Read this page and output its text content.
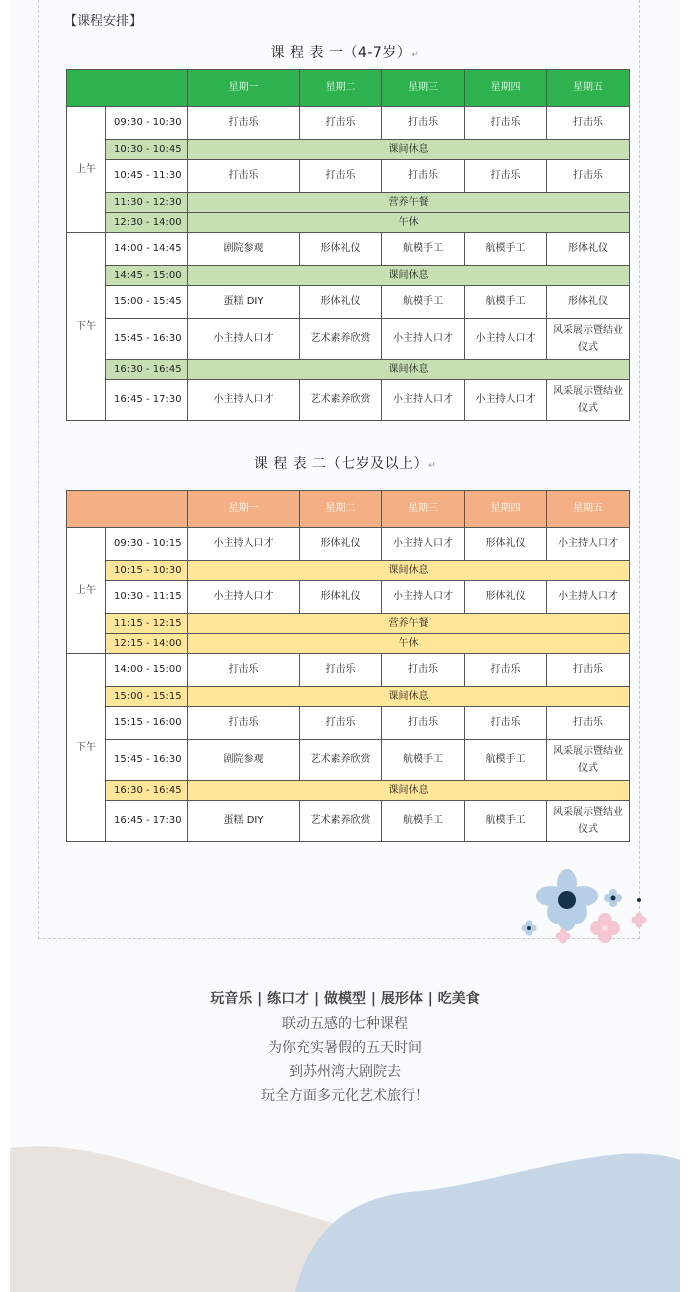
【课程安排】
课 程 表 一（4-7岁）↵
		星期一	星期二	星期三	星期四	星期五
上午	09:30 - 10:30	打击乐	打击乐	打击乐	打击乐	打击乐
	10:30 - 10:45	课间休息				
	10:45 - 11:30	打击乐	打击乐	打击乐	打击乐	打击乐
	11:30 - 12:30	营养午餐				
	12:30 - 14:00	午休				
下午	14:00 - 14:45	剧院参观	形体礼仪	航模手工	航模手工	形体礼仪
	14:45 - 15:00	课间休息				
	15:00 - 15:45	蛋糕 DIY	形体礼仪	航模手工	航模手工	形体礼仪
	15:45 - 16:30	小主持人口才	艺术素养欣赏	小主持人口才	小主持人口才	风采展示暨结业仪式
	16:30 - 16:45	课间休息				
	16:45 - 17:30	小主持人口才	艺术素养欣赏	小主持人口才	小主持人口才	风采展示暨结业仪式
课 程 表 二（七岁及以上）↵
		星期一	星期二	星期三	星期四	星期五
上午	09:30 - 10:15	小主持人口才	形体礼仪	小主持人口才	形体礼仪	小主持人口才
	10:15 - 10:30	课间休息				
	10:30 - 11:15	小主持人口才	形体礼仪	小主持人口才	形体礼仪	小主持人口才
	11:15 - 12:15	营养午餐				
	12:15 - 14:00	午休				
下午	14:00 - 15:00	打击乐	打击乐	打击乐	打击乐	打击乐
	15:00 - 15:15	课间休息				
	15:15 - 16:00	打击乐	打击乐	打击乐	打击乐	打击乐
	15:45 - 16:30	剧院参观	艺术素养欣赏	航模手工	航模手工	风采展示暨结业仪式
	16:30 - 16:45	课间休息				
	16:45 - 17:30	蛋糕 DIY	艺术素养欣赏	航模手工	航模手工	风采展示暨结业仪式
玩音乐 | 练口才 | 做模型 | 展形体 | 吃美食
联动五感的七种课程
为你充实暑假的五天时间
到苏州湾大剧院去
玩全方面多元化艺术旅行！
